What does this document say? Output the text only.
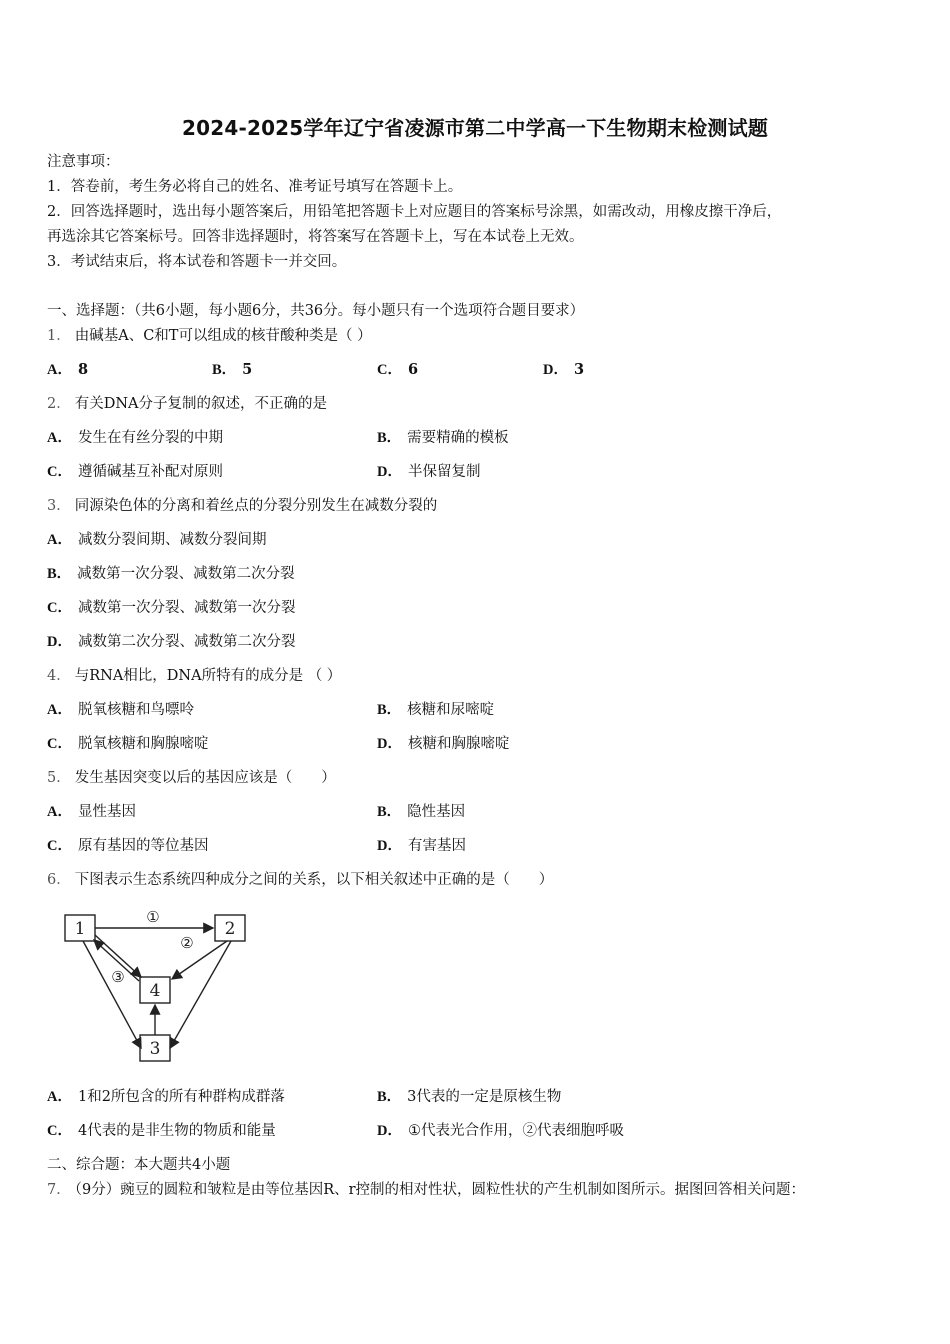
2024-2025学年辽宁省凌源市第二中学高一下生物期末检测试题
注意事项：
1．答卷前，考生务必将自己的姓名、准考证号填写在答题卡上。
2．回答选择题时，选出每小题答案后，用铅笔把答题卡上对应题目的答案标号涂黑，如需改动，用橡皮擦干净后，
再选涂其它答案标号。回答非选择题时，将答案写在答题卡上，写在本试卷上无效。
3．考试结束后，将本试卷和答题卡一并交回。
一、选择题：（共6小题，每小题6分，共36分。每小题只有一个选项符合题目要求）
1． 由碱基A、C和T可以组成的核苷酸种类是（ ）
A． 8	B． 5	C． 6	D． 3
2． 有关DNA分子复制的叙述，不正确的是
A． 发生在有丝分裂的中期	B． 需要精确的模板
C． 遵循碱基互补配对原则	D． 半保留复制
3． 同源染色体的分离和着丝点的分裂分别发生在减数分裂的
A． 减数分裂间期、减数分裂间期
B． 减数第一次分裂、减数第二次分裂
C． 减数第一次分裂、减数第一次分裂
D． 减数第二次分裂、减数第二次分裂
4． 与RNA相比，DNA所特有的成分是 （ ）
A． 脱氧核糖和鸟嘌呤	B． 核糖和尿嘧啶
C． 脱氧核糖和胸腺嘧啶	D． 核糖和胸腺嘧啶
5． 发生基因突变以后的基因应该是（　　）
A． 显性基因	B． 隐性基因
C． 原有基因的等位基因	D． 有害基因
6． 下图表示生态系统四种成分之间的关系，以下相关叙述中正确的是（　　）
1	2
3
4
①
②
③
A． 1和2所包含的所有种群构成群落	B． 3代表的一定是原核生物
C． 4代表的是非生物的物质和能量	D． ①代表光合作用，②代表细胞呼吸
二、综合题：本大题共4小题
7． （9分）豌豆的圆粒和皱粒是由等位基因R、r控制的相对性状，圆粒性状的产生机制如图所示。据图回答相关问题：
